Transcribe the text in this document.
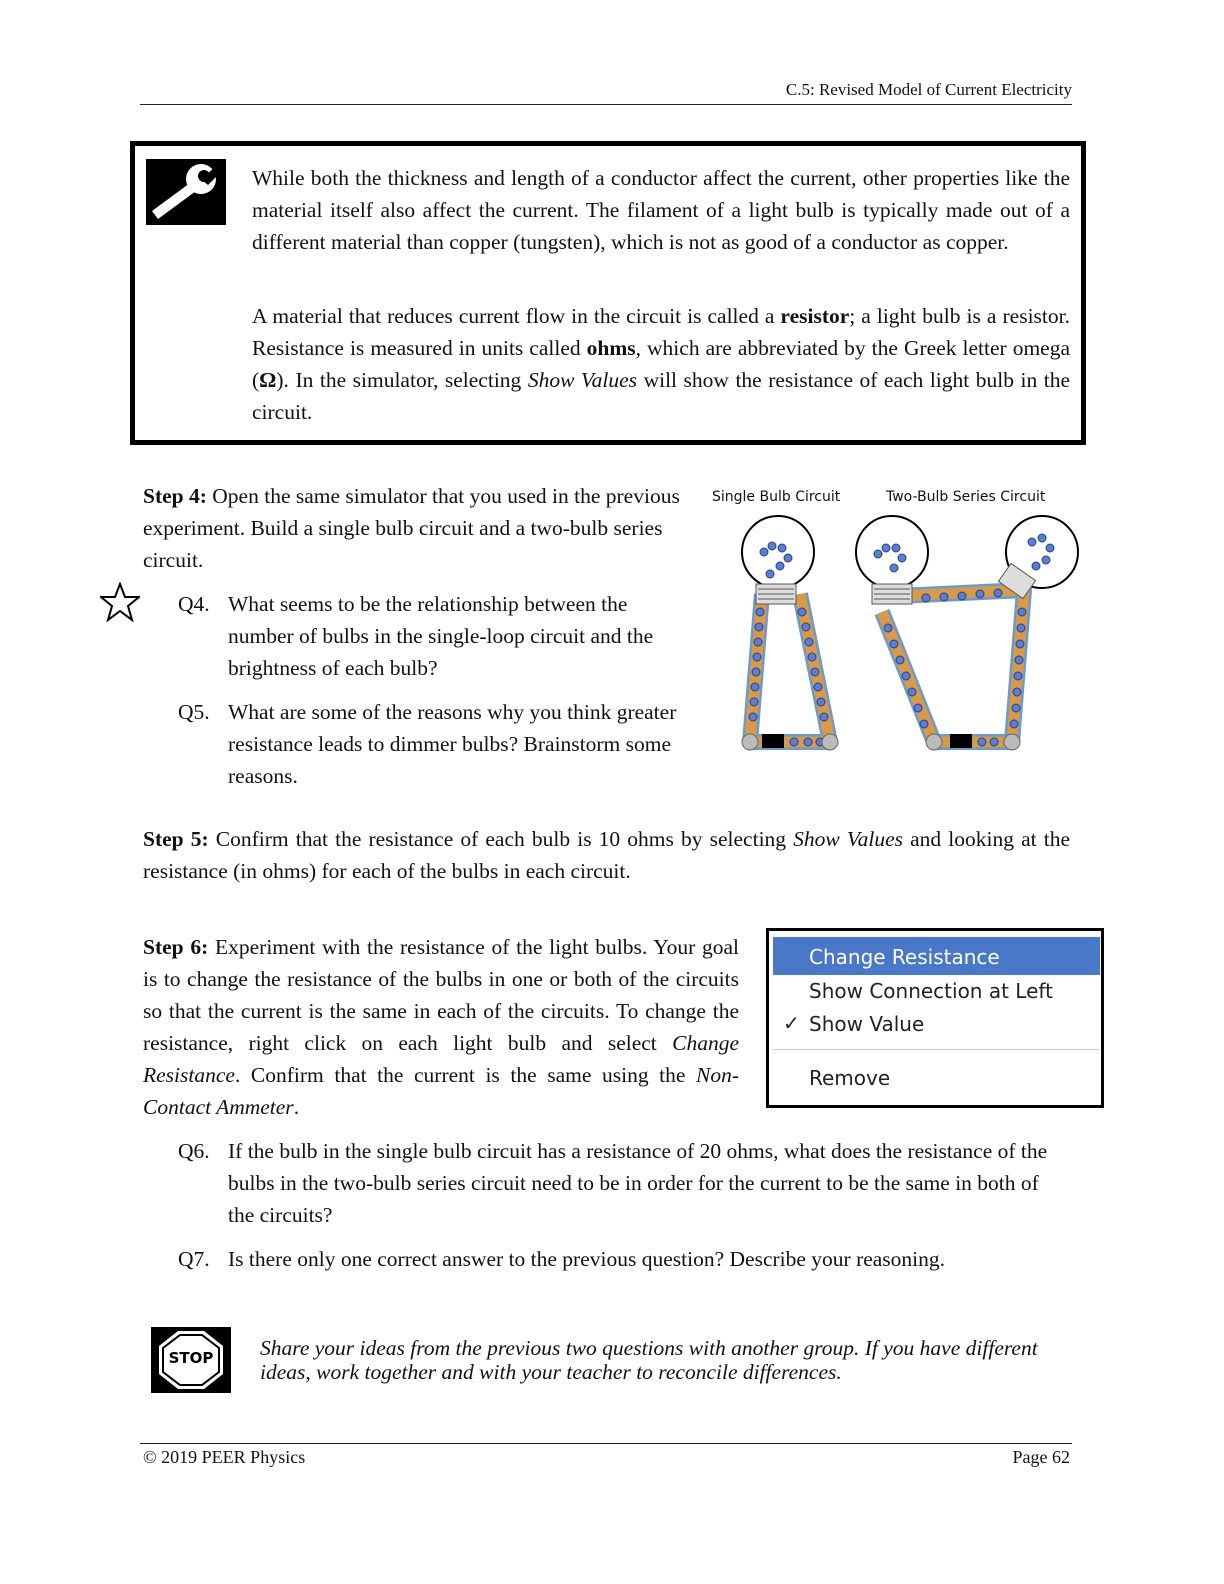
C.5: Revised Model of Current Electricity
While both the thickness and length of a conductor affect the current, other properties like the material itself also affect the current. The filament of a light bulb is typically made out of a different material than copper (tungsten), which is not as good of a conductor as copper.
A material that reduces current flow in the circuit is called a resistor; a light bulb is a resistor. Resistance is measured in units called ohms, which are abbreviated by the Greek letter omega (Ω). In the simulator, selecting Show Values will show the resistance of each light bulb in the circuit.
Step 4: Open the same simulator that you used in the previous experiment. Build a single bulb circuit and a two-bulb series circuit.
Q4. What seems to be the relationship between the number of bulbs in the single-loop circuit and the brightness of each bulb?
Q5. What are some of the reasons why you think greater resistance leads to dimmer bulbs? Brainstorm some reasons.
Single Bulb Circuit	Two-Bulb Series Circuit
Step 5: Confirm that the resistance of each bulb is 10 ohms by selecting Show Values and looking at the resistance (in ohms) for each of the bulbs in each circuit.
Step 6: Experiment with the resistance of the light bulbs. Your goal is to change the resistance of the bulbs in one or both of the circuits so that the current is the same in each of the circuits. To change the resistance, right click on each light bulb and select Change Resistance. Confirm that the current is the same using the Non-Contact Ammeter.
Change Resistance
Show Connection at Left
✓ Show Value
Remove
Q6. If the bulb in the single bulb circuit has a resistance of 20 ohms, what does the resistance of the bulbs in the two-bulb series circuit need to be in order for the current to be the same in both of the circuits?
Q7. Is there only one correct answer to the previous question? Describe your reasoning.
STOP	Share your ideas from the previous two questions with another group. If you have different ideas, work together and with your teacher to reconcile differences.
© 2019 PEER Physics	Page 62
